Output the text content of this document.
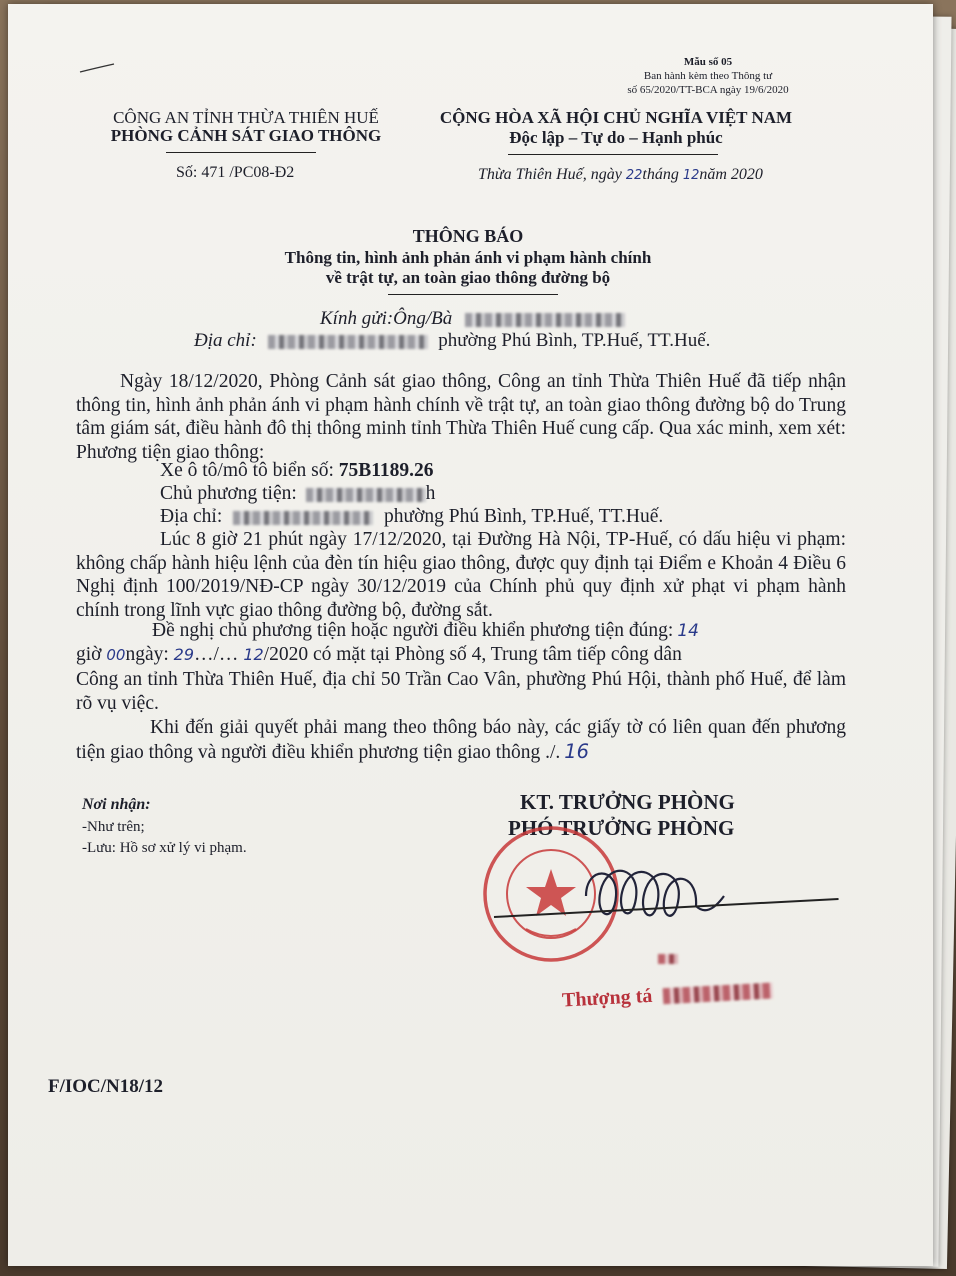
Mẫu số 05
Ban hành kèm theo Thông tư
số 65/2020/TT-BCA ngày 19/6/2020
CÔNG AN TỈNH THỪA THIÊN HUẾ
PHÒNG CẢNH SÁT GIAO THÔNG
Số: 471 /PC08-Đ2
CỘNG HÒA XÃ HỘI CHỦ NGHĨA VIỆT NAM
Độc lập – Tự do – Hạnh phúc
Thừa Thiên Huế, ngày 22tháng 12năm 2020
THÔNG BÁO
Thông tin, hình ảnh phản ánh vi phạm hành chính
về trật tự, an toàn giao thông đường bộ
Kính gửi:Ông/Bà
Địa chỉ:	phường Phú Bình, TP.Huế, TT.Huế.
Ngày 18/12/2020, Phòng Cảnh sát giao thông, Công an tỉnh Thừa Thiên Huế đã tiếp nhận thông tin, hình ảnh phản ánh vi phạm hành chính về trật tự, an toàn giao thông đường bộ do Trung tâm giám sát, điều hành đô thị thông minh tỉnh Thừa Thiên Huế cung cấp. Qua xác minh, xem xét: Phương tiện giao thông:
Xe ô tô/mô tô biển số: 75B1189.26
Chủ phương tiện:	h
Địa chỉ:	phường Phú Bình, TP.Huế, TT.Huế.
Lúc 8 giờ 21 phút ngày 17/12/2020, tại Đường Hà Nội, TP-Huế, có dấu hiệu vi phạm: không chấp hành hiệu lệnh của đèn tín hiệu giao thông, được quy định tại Điểm e Khoản 4 Điều 6 Nghị định 100/2019/NĐ-CP ngày 30/12/2019 của Chính phủ quy định xử phạt vi phạm hành chính trong lĩnh vực giao thông đường bộ, đường sắt.
Đề nghị chủ phương tiện hoặc người điều khiển phương tiện đúng: 14
giờ 00ngày: 29…/… 12/2020 có mặt tại Phòng số 4, Trung tâm tiếp công dân
Công an tỉnh Thừa Thiên Huế, địa chỉ 50 Trần Cao Vân, phường Phú Hội, thành phố Huế, để làm rõ vụ việc.
Khi đến giải quyết phải mang theo thông báo này, các giấy tờ có liên quan đến phương tiện giao thông và người điều khiển phương tiện giao thông ./. 16
Nơi nhận:
-Như trên;
-Lưu: Hồ sơ xử lý vi phạm.
KT. TRƯỞNG PHÒNG
PHÓ TRƯỞNG PHÒNG
Thượng tá
F/IOC/N18/12
